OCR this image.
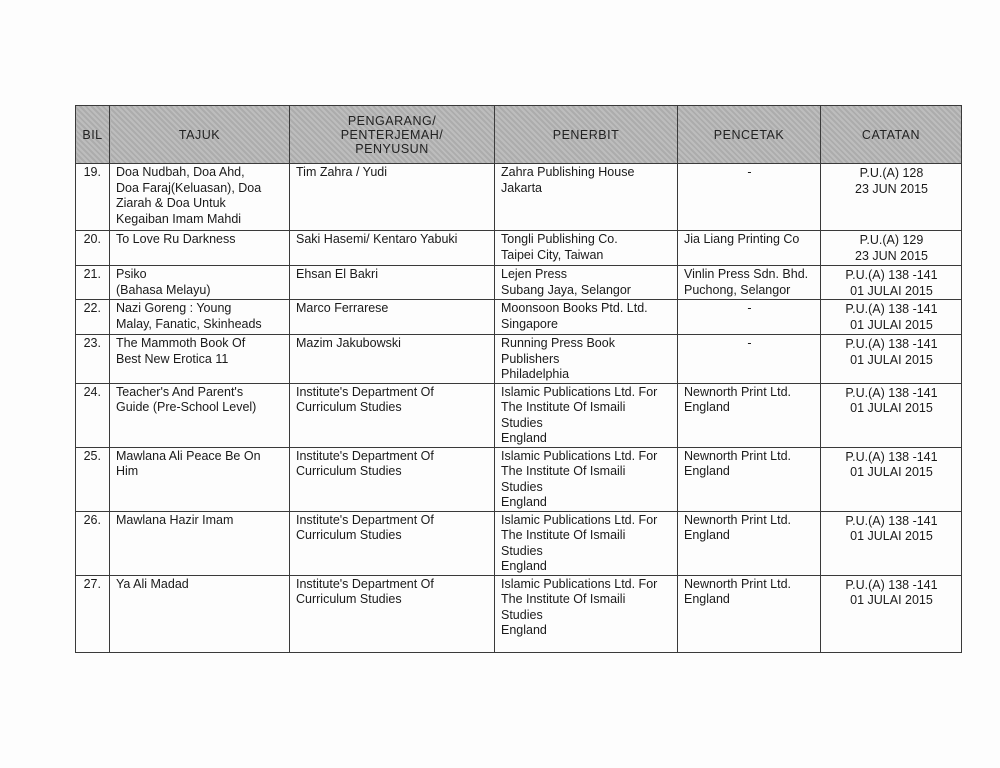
BIL	TAJUK	PENGARANG/
PENTERJEMAH/
PENYUSUN	PENERBIT	PENCETAK	CATATAN
19.	Doa Nudbah, Doa Ahd,
Doa Faraj(Keluasan), Doa
Ziarah & Doa Untuk
Kegaiban Imam Mahdi	Tim Zahra / Yudi	Zahra Publishing House
Jakarta	-	P.U.(A) 128
23 JUN 2015

20.	To Love Ru Darkness	Saki Hasemi/ Kentaro Yabuki	Tongli Publishing Co.
Taipei City, Taiwan	Jia Liang Printing Co	P.U.(A) 129
23 JUN 2015

21.	Psiko
(Bahasa Melayu)	Ehsan El Bakri	Lejen Press
Subang Jaya, Selangor	Vinlin Press Sdn. Bhd.
Puchong, Selangor	P.U.(A) 138 -141
01 JULAI 2015

22.	Nazi Goreng : Young
Malay, Fanatic, Skinheads	Marco Ferrarese	Moonsoon Books Ptd. Ltd.
Singapore	-	P.U.(A) 138 -141
01 JULAI 2015

23.	The Mammoth Book Of
Best New Erotica 11	Mazim Jakubowski	Running Press Book
Publishers
Philadelphia	-	P.U.(A) 138 -141
01 JULAI 2015

24.	Teacher's And Parent's
Guide (Pre-School Level)	Institute's Department Of
Curriculum Studies	Islamic Publications Ltd. For
The Institute Of Ismaili
Studies
England	Newnorth Print Ltd.
England	P.U.(A) 138 -141
01 JULAI 2015

25.	Mawlana Ali Peace Be On
Him	Institute's Department Of
Curriculum Studies	Islamic Publications Ltd. For
The Institute Of Ismaili
Studies
England	Newnorth Print Ltd.
England	P.U.(A) 138 -141
01 JULAI 2015

26.	Mawlana Hazir Imam	Institute's Department Of
Curriculum Studies	Islamic Publications Ltd. For
The Institute Of Ismaili
Studies
England	Newnorth Print Ltd.
England	P.U.(A) 138 -141
01 JULAI 2015

27.	Ya Ali Madad	Institute's Department Of
Curriculum Studies	Islamic Publications Ltd. For
The Institute Of Ismaili
Studies
England	Newnorth Print Ltd.
England	P.U.(A) 138 -141
01 JULAI 2015
